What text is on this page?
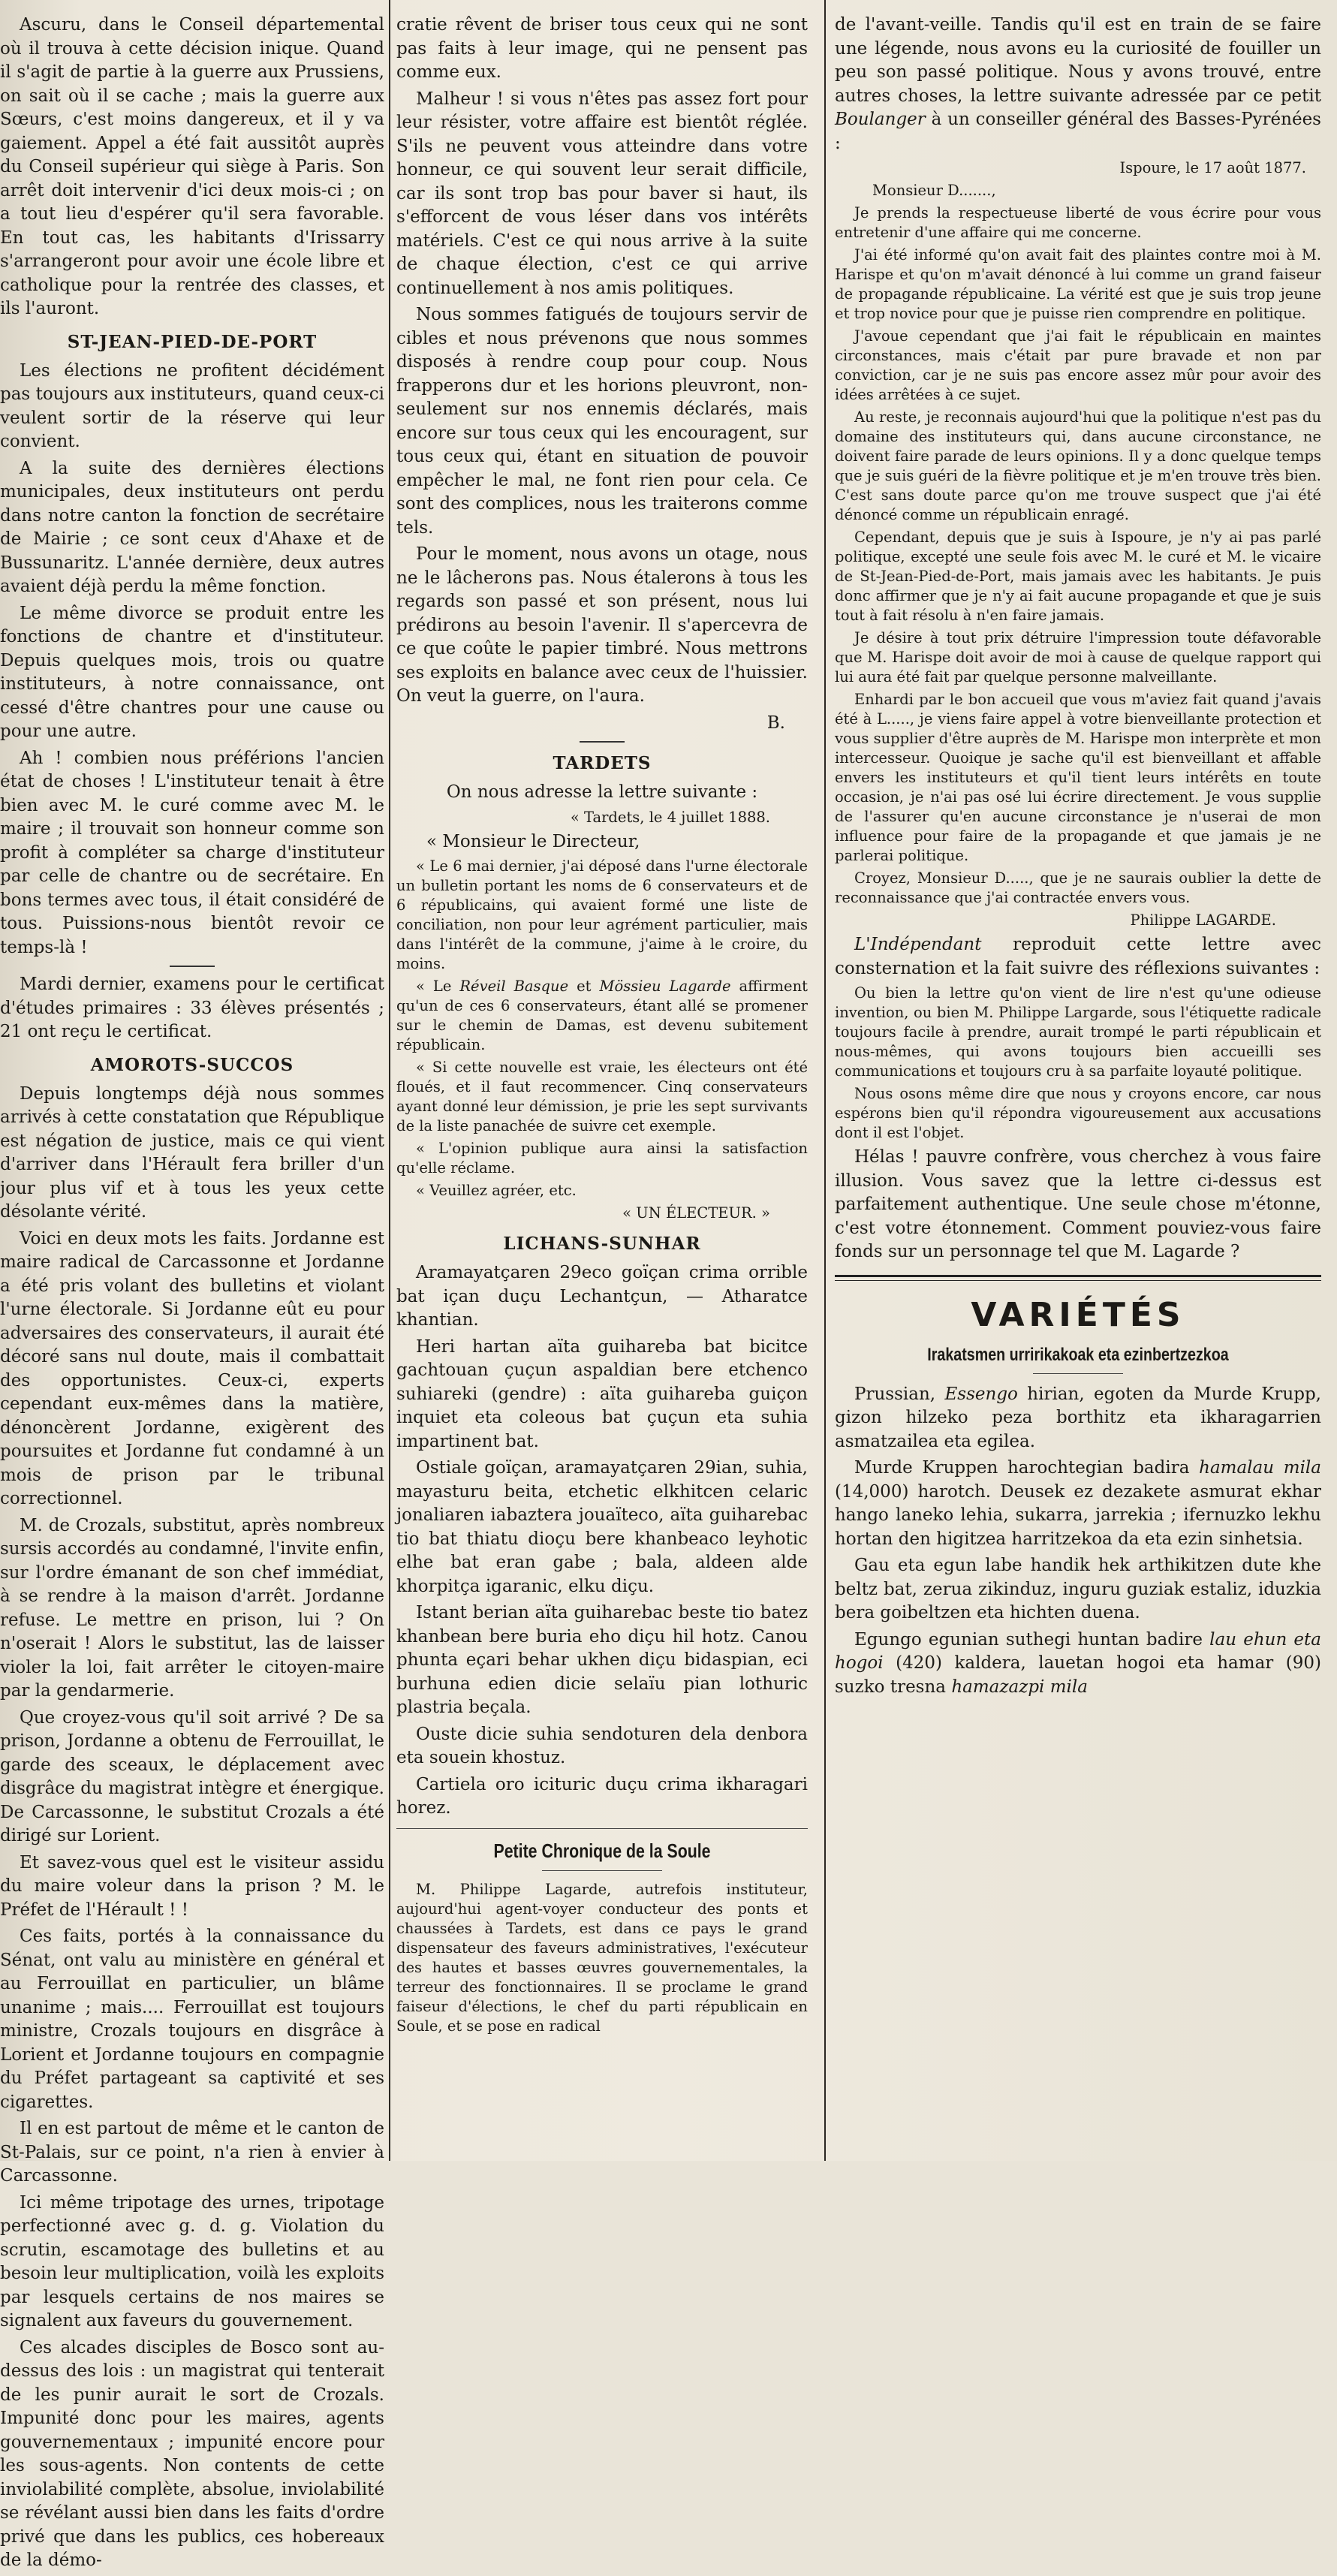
Ascuru, dans le Conseil départemental où il trouva à cette décision inique. Quand il s'agit de partie à la guerre aux Prussiens, on sait où il se cache ; mais la guerre aux Sœurs, c'est moins dangereux, et il y va gaiement. Appel a été fait aussitôt auprès du Conseil supérieur qui siège à Paris. Son arrêt doit intervenir d'ici deux mois-ci ; on a tout lieu d'espérer qu'il sera favorable. En tout cas, les habitants d'Irissarry s'arrangeront pour avoir une école libre et catholique pour la rentrée des classes, et ils l'auront.

ST-JEAN-PIED-DE-PORT

Les élections ne profitent décidément pas toujours aux instituteurs, quand ceux-ci veulent sortir de la réserve qui leur convient.

A la suite des dernières élections municipales, deux instituteurs ont perdu dans notre canton la fonction de secrétaire de Mairie ; ce sont ceux d'Ahaxe et de Bussunaritz. L'année dernière, deux autres avaient déjà perdu la même fonction.

Le même divorce se produit entre les fonctions de chantre et d'instituteur. Depuis quelques mois, trois ou quatre instituteurs, à notre connaissance, ont cessé d'être chantres pour une cause ou pour une autre.

Ah ! combien nous préférions l'ancien état de choses ! L'instituteur tenait à être bien avec M. le curé comme avec M. le maire ; il trouvait son honneur comme son profit à compléter sa charge d'instituteur par celle de chantre ou de secrétaire. En bons termes avec tous, il était considéré de tous. Puissions-nous bientôt revoir ce temps-là !

Mardi dernier, examens pour le certificat d'études primaires : 33 élèves présentés ; 21 ont reçu le certificat.

AMOROTS-SUCCOS

Depuis longtemps déjà nous sommes arrivés à cette constatation que République est négation de justice, mais ce qui vient d'arriver dans l'Hérault fera briller d'un jour plus vif et à tous les yeux cette désolante vérité.

Voici en deux mots les faits. Jordanne est maire radical de Carcassonne et Jordanne a été pris volant des bulletins et violant l'urne électorale. Si Jordanne eût eu pour adversaires des conservateurs, il aurait été décoré sans nul doute, mais il combattait des opportunistes. Ceux-ci, experts cependant eux-mêmes dans la matière, dénoncèrent Jordanne, exigèrent des poursuites et Jordanne fut condamné à un mois de prison par le tribunal correctionnel.

M. de Crozals, substitut, après nombreux sursis accordés au condamné, l'invite enfin, sur l'ordre émanant de son chef immédiat, à se rendre à la maison d'arrêt. Jordanne refuse. Le mettre en prison, lui ? On n'oserait ! Alors le substitut, las de laisser violer la loi, fait arrêter le citoyen-maire par la gendarmerie.

Que croyez-vous qu'il soit arrivé ? De sa prison, Jordanne a obtenu de Ferrouillat, le garde des sceaux, le déplacement avec disgrâce du magistrat intègre et énergique. De Carcassonne, le substitut Crozals a été dirigé sur Lorient.

Et savez-vous quel est le visiteur assidu du maire voleur dans la prison ? M. le Préfet de l'Hérault ! !

Ces faits, portés à la connaissance du Sénat, ont valu au ministère en général et au Ferrouillat en particulier, un blâme unanime ; mais.... Ferrouillat est toujours ministre, Crozals toujours en disgrâce à Lorient et Jordanne toujours en compagnie du Préfet partageant sa captivité et ses cigarettes.

Il en est partout de même et le canton de St-Palais, sur ce point, n'a rien à envier à Carcassonne.

Ici même tripotage des urnes, tripotage perfectionné avec g. d. g. Violation du scrutin, escamotage des bulletins et au besoin leur multiplication, voilà les exploits par lesquels certains de nos maires se signalent aux faveurs du gouvernement.

Ces alcades disciples de Bosco sont au-dessus des lois : un magistrat qui tenterait de les punir aurait le sort de Crozals. Impunité donc pour les maires, agents gouvernementaux ; impunité encore pour les sous-agents. Non contents de cette inviolabilité complète, absolue, inviolabilité se révélant aussi bien dans les faits d'ordre privé que dans les publics, ces hobereaux de la démo-

cratie rêvent de briser tous ceux qui ne sont pas faits à leur image, qui ne pensent pas comme eux.

Malheur ! si vous n'êtes pas assez fort pour leur résister, votre affaire est bientôt réglée. S'ils ne peuvent vous atteindre dans votre honneur, ce qui souvent leur serait difficile, car ils sont trop bas pour baver si haut, ils s'efforcent de vous léser dans vos intérêts matériels. C'est ce qui nous arrive à la suite de chaque élection, c'est ce qui arrive continuellement à nos amis politiques.

Nous sommes fatigués de toujours servir de cibles et nous prévenons que nous sommes disposés à rendre coup pour coup. Nous frapperons dur et les horions pleuvront, non-seulement sur nos ennemis déclarés, mais encore sur tous ceux qui les encouragent, sur tous ceux qui, étant en situation de pouvoir empêcher le mal, ne font rien pour cela. Ce sont des complices, nous les traiterons comme tels.

Pour le moment, nous avons un otage, nous ne le lâcherons pas. Nous étalerons à tous les regards son passé et son présent, nous lui prédirons au besoin l'avenir. Il s'apercevra de ce que coûte le papier timbré. Nous mettrons ses exploits en balance avec ceux de l'huissier. On veut la guerre, on l'aura.

B.

TARDETS

On nous adresse la lettre suivante :

« Tardets, le 4 juillet 1888.

« Monsieur le Directeur,

« Le 6 mai dernier, j'ai déposé dans l'urne électorale un bulletin portant les noms de 6 conservateurs et de 6 républicains, qui avaient formé une liste de conciliation, non pour leur agrément particulier, mais dans l'intérêt de la commune, j'aime à le croire, du moins.

« Le Réveil Basque et Mössieu Lagarde affirment qu'un de ces 6 conservateurs, étant allé se promener sur le chemin de Damas, est devenu subitement républicain.

« Si cette nouvelle est vraie, les électeurs ont été floués, et il faut recommencer. Cinq conservateurs ayant donné leur démission, je prie les sept survivants de la liste panachée de suivre cet exemple.

« L'opinion publique aura ainsi la satisfaction qu'elle réclame.

« Veuillez agréer, etc.

« UN ÉLECTEUR. »

LICHANS-SUNHAR

Aramayatçaren 29eco goïçan crima orrible bat içan duçu Lechantçun, — Atharatce khantian.

Heri hartan aïta guihareba bat bicitce gachtouan çuçun aspaldian bere etchenco suhiareki (gendre) : aïta guihareba guiçon inquiet eta coleous bat çuçun eta suhia impartinent bat.

Ostiale goïçan, aramayatçaren 29ian, suhia, mayasturu beita, etchetic elkhitcen celaric jonaliaren iabaztera jouaïteco, aïta guiharebac tio bat thiatu dioçu bere khanbeaco leyhotic elhe bat eran gabe ; bala, aldeen alde khorpitça igaranic, elku diçu.

Istant berian aïta guiharebac beste tio batez khanbean bere buria eho diçu hil hotz. Canou phunta eçari behar ukhen diçu bidaspian, eci burhuna edien dicie selaïu pian lothuric plastria beçala.

Ouste dicie suhia sendoturen dela denbora eta souein khostuz.

Cartiela oro icituric duçu crima ikharagari horez.

Petite Chronique de la Soule

M. Philippe Lagarde, autrefois instituteur, aujourd'hui agent-voyer conducteur des ponts et chaussées à Tardets, est dans ce pays le grand dispensateur des faveurs administratives, l'exécuteur des hautes et basses œuvres gouvernementales, la terreur des fonctionnaires. Il se proclame le grand faiseur d'élections, le chef du parti républicain en Soule, et se pose en radical

de l'avant-veille. Tandis qu'il est en train de se faire une légende, nous avons eu la curiosité de fouiller un peu son passé politique. Nous y avons trouvé, entre autres choses, la lettre suivante adressée par ce petit Boulanger à un conseiller général des Basses-Pyrénées :

Ispoure, le 17 août 1877.

Monsieur D.......,

Je prends la respectueuse liberté de vous écrire pour vous entretenir d'une affaire qui me concerne.

J'ai été informé qu'on avait fait des plaintes contre moi à M. Harispe et qu'on m'avait dénoncé à lui comme un grand faiseur de propagande républicaine. La vérité est que je suis trop jeune et trop novice pour que je puisse rien comprendre en politique.

J'avoue cependant que j'ai fait le républicain en maintes circonstances, mais c'était par pure bravade et non par conviction, car je ne suis pas encore assez mûr pour avoir des idées arrêtées à ce sujet.

Au reste, je reconnais aujourd'hui que la politique n'est pas du domaine des instituteurs qui, dans aucune circonstance, ne doivent faire parade de leurs opinions. Il y a donc quelque temps que je suis guéri de la fièvre politique et je m'en trouve très bien. C'est sans doute parce qu'on me trouve suspect que j'ai été dénoncé comme un républicain enragé.

Cependant, depuis que je suis à Ispoure, je n'y ai pas parlé politique, excepté une seule fois avec M. le curé et M. le vicaire de St-Jean-Pied-de-Port, mais jamais avec les habitants. Je puis donc affirmer que je n'y ai fait aucune propagande et que je suis tout à fait résolu à n'en faire jamais.

Je désire à tout prix détruire l'impression toute défavorable que M. Harispe doit avoir de moi à cause de quelque rapport qui lui aura été fait par quelque personne malveillante.

Enhardi par le bon accueil que vous m'aviez fait quand j'avais été à L....., je viens faire appel à votre bienveillante protection et vous supplier d'être auprès de M. Harispe mon interprète et mon intercesseur. Quoique je sache qu'il est bienveillant et affable envers les instituteurs et qu'il tient leurs intérêts en toute occasion, je n'ai pas osé lui écrire directement. Je vous supplie de l'assurer qu'en aucune circonstance je n'userai de mon influence pour faire de la propagande et que jamais je ne parlerai politique.

Croyez, Monsieur D....., que je ne saurais oublier la dette de reconnaissance que j'ai contractée envers vous.

Philippe LAGARDE.

L'Indépendant reproduit cette lettre avec consternation et la fait suivre des réflexions suivantes :

Ou bien la lettre qu'on vient de lire n'est qu'une odieuse invention, ou bien M. Philippe Largarde, sous l'étiquette radicale toujours facile à prendre, aurait trompé le parti républicain et nous-mêmes, qui avons toujours bien accueilli ses communications et toujours cru à sa parfaite loyauté politique.

Nous osons même dire que nous y croyons encore, car nous espérons bien qu'il répondra vigoureusement aux accusations dont il est l'objet.

Hélas ! pauvre confrère, vous cherchez à vous faire illusion. Vous savez que la lettre ci-dessus est parfaitement authentique. Une seule chose m'étonne, c'est votre étonnement. Comment pouviez-vous faire fonds sur un personnage tel que M. Lagarde ?

VARIÉTÉS
Irakatsmen urririkakoak eta ezinbertzezkoa

Prussian, Essengo hirian, egoten da Murde Krupp, gizon hilzeko peza borthitz eta ikharagarrien asmatzailea eta egilea.

Murde Kruppen harochtegian badira hamalau mila (14,000) harotch. Deusek ez dezakete asmurat ekhar hango laneko lehia, sukarra, jarrekia ; ifernuzko lekhu hortan den higitzea harritzekoa da eta ezin sinhetsia.

Gau eta egun labe handik hek arthikitzen dute khe beltz bat, zerua zikinduz, inguru guziak estaliz, iduzkia bera goibeltzen eta hichten duena.

Egungo egunian suthegi huntan badire lau ehun eta hogoi (420) kaldera, lauetan hogoi eta hamar (90) suzko tresna hamazazpi mila
